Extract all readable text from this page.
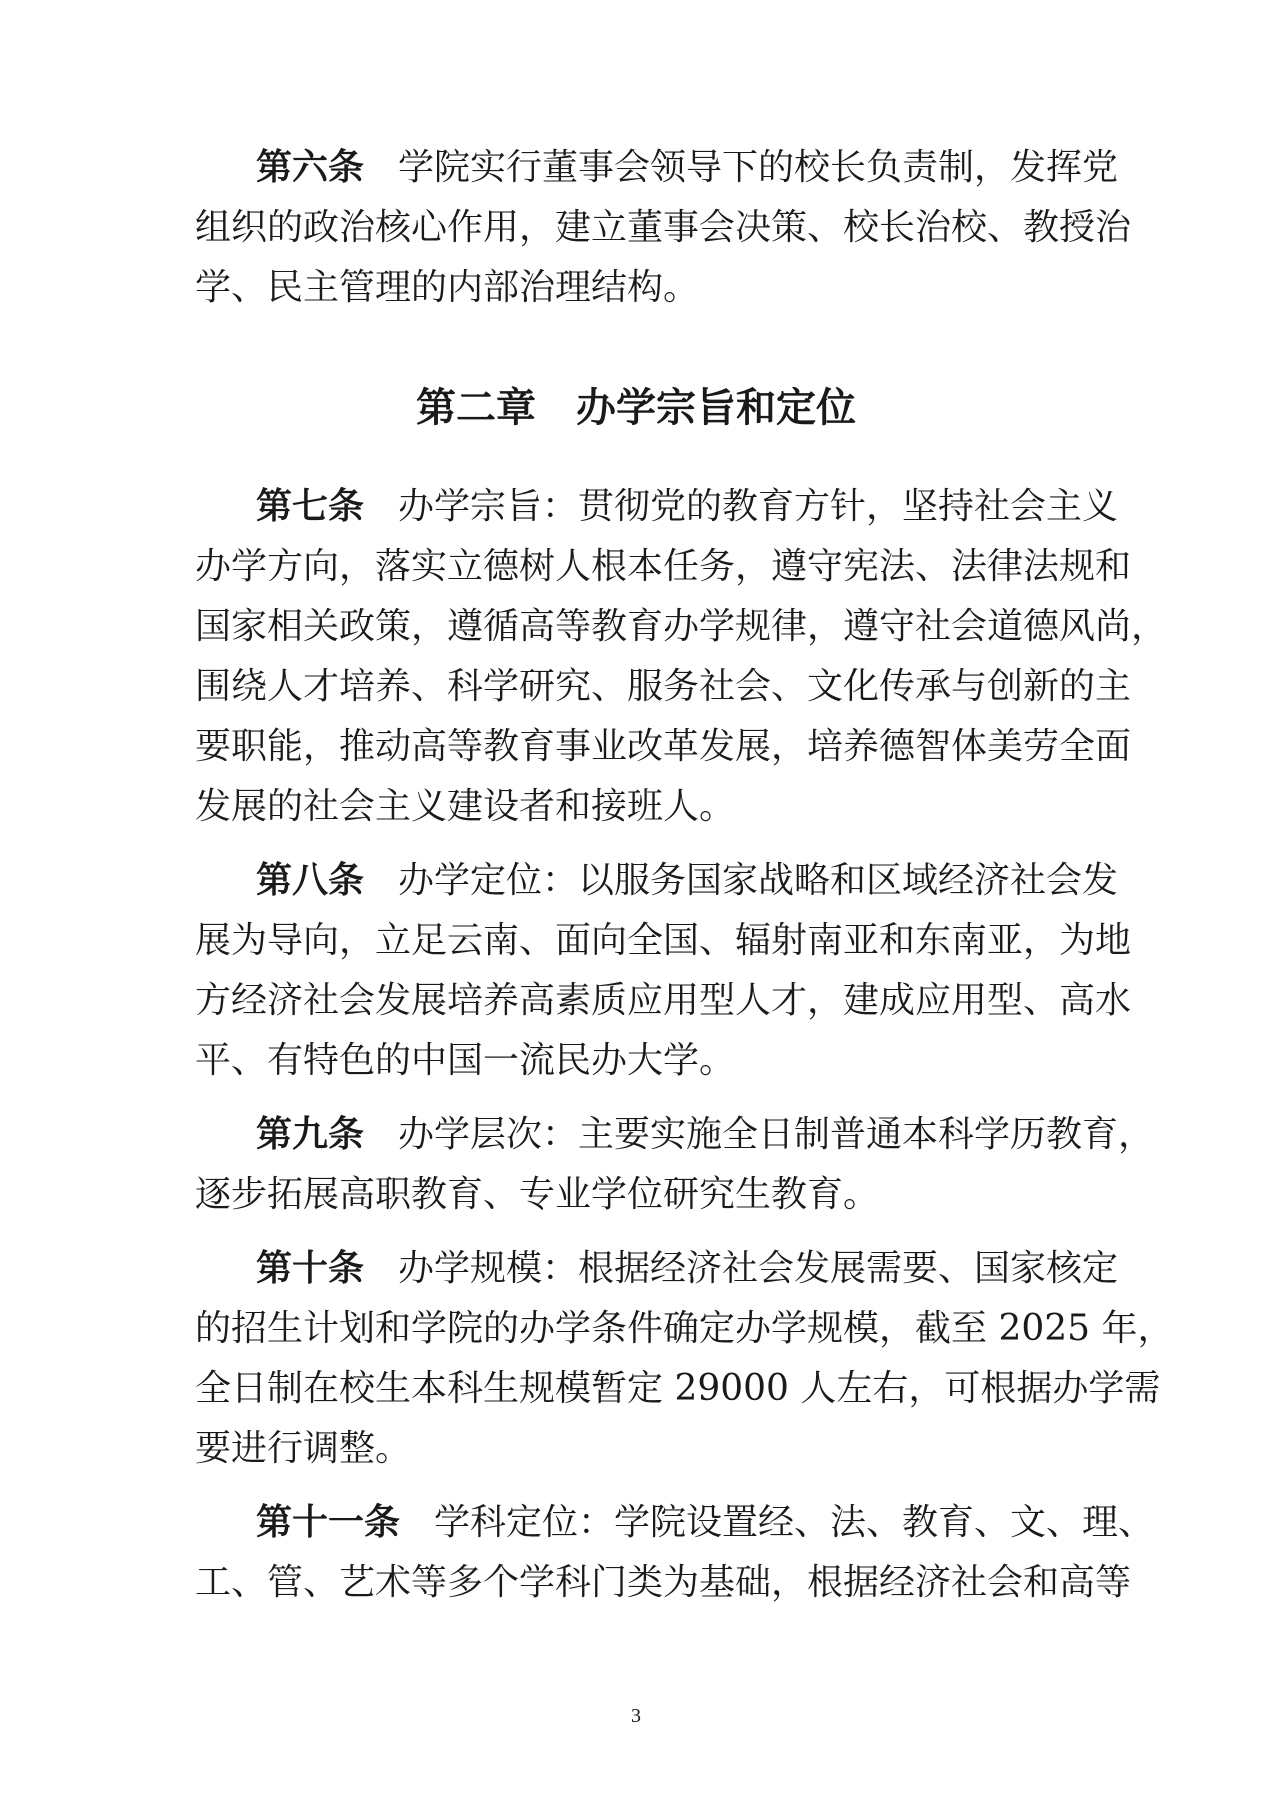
第六条 学院实行董事会领导下的校长负责制，发挥党
组织的政治核心作用，建立董事会决策、校长治校、教授治
学、民主管理的内部治理结构。
第二章 办学宗旨和定位
第七条 办学宗旨：贯彻党的教育方针，坚持社会主义
办学方向，落实立德树人根本任务，遵守宪法、法律法规和
国家相关政策，遵循高等教育办学规律，遵守社会道德风尚，
围绕人才培养、科学研究、服务社会、文化传承与创新的主
要职能，推动高等教育事业改革发展，培养德智体美劳全面
发展的社会主义建设者和接班人。
第八条 办学定位：以服务国家战略和区域经济社会发
展为导向，立足云南、面向全国、辐射南亚和东南亚，为地
方经济社会发展培养高素质应用型人才，建成应用型、高水
平、有特色的中国一流民办大学。
第九条 办学层次：主要实施全日制普通本科学历教育，
逐步拓展高职教育、专业学位研究生教育。
第十条 办学规模：根据经济社会发展需要、国家核定
的招生计划和学院的办学条件确定办学规模，截至 2025 年，
全日制在校生本科生规模暂定 29000 人左右，可根据办学需
要进行调整。
第十一条 学科定位：学院设置经、法、教育、文、理、
工、管、艺术等多个学科门类为基础，根据经济社会和高等
3
